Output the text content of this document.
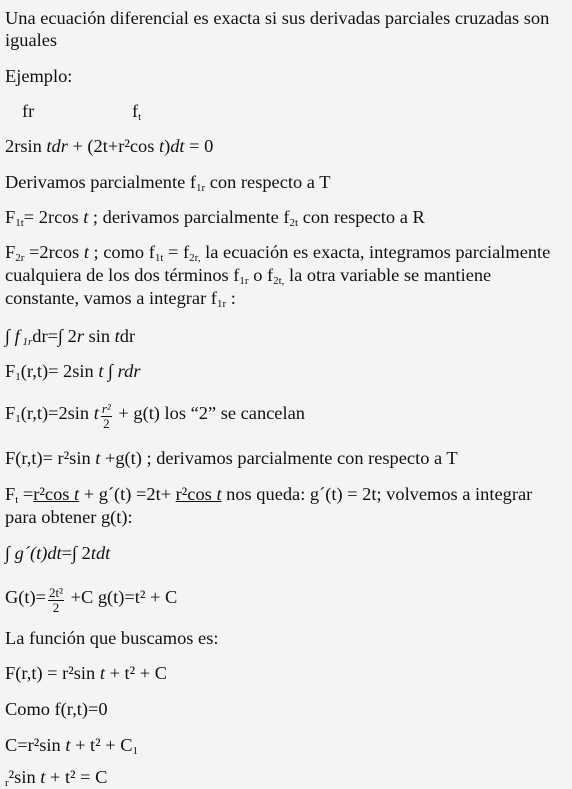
Una ecuación diferencial es exacta si sus derivadas parciales cruzadas son iguales
Ejemplo:
fr	$f_t$
2rsin tdr + (2t+r²cos t)dt = 0
Derivamos parcialmente $f_{1r}$ con respecto a T
$F_{1t}= 2rcos$ t ; derivamos parcialmente $f_{2t}$ con respecto a R
$F_{2r} =2rcos$ t ; como $f_{1t} = f_{2r,}$ la ecuación es exacta, integramos parcialmente cualquiera de los dos términos $f_{1r}$ o $f_{2t,}$ la otra variable se mantiene constante, vamos a integrar $f_{1r}$ :
∫ f $_{1r}$dr=∫ 2r sin tdr
$F_1(r,t)= 2\sin$ t ∫ rdr
$F_1(r,t)=2\sin$ t $\frac{\text{r²}}{2} + g(t)$ los “2” se cancelan
F(r,t)= r²sin t +g(t) ; derivamos parcialmente con respecto a T
$F_t =r^2\cos$ t + g´(t) =2t+ r²cos t nos queda: g´(t) = 2t; volvemos a integrar para obtener g(t):
∫ g´(t)dt=∫ 2tdt
$G(t)= \frac{\text{2t²}}{2} +C$ g(t)=t² + C
La función que buscamos es:
F(r,t) = r²sin t + t² + C
Como f(r,t)=0
C=r²sin $t + t^2 + C_1$
$_r$²sin t + t² = C
